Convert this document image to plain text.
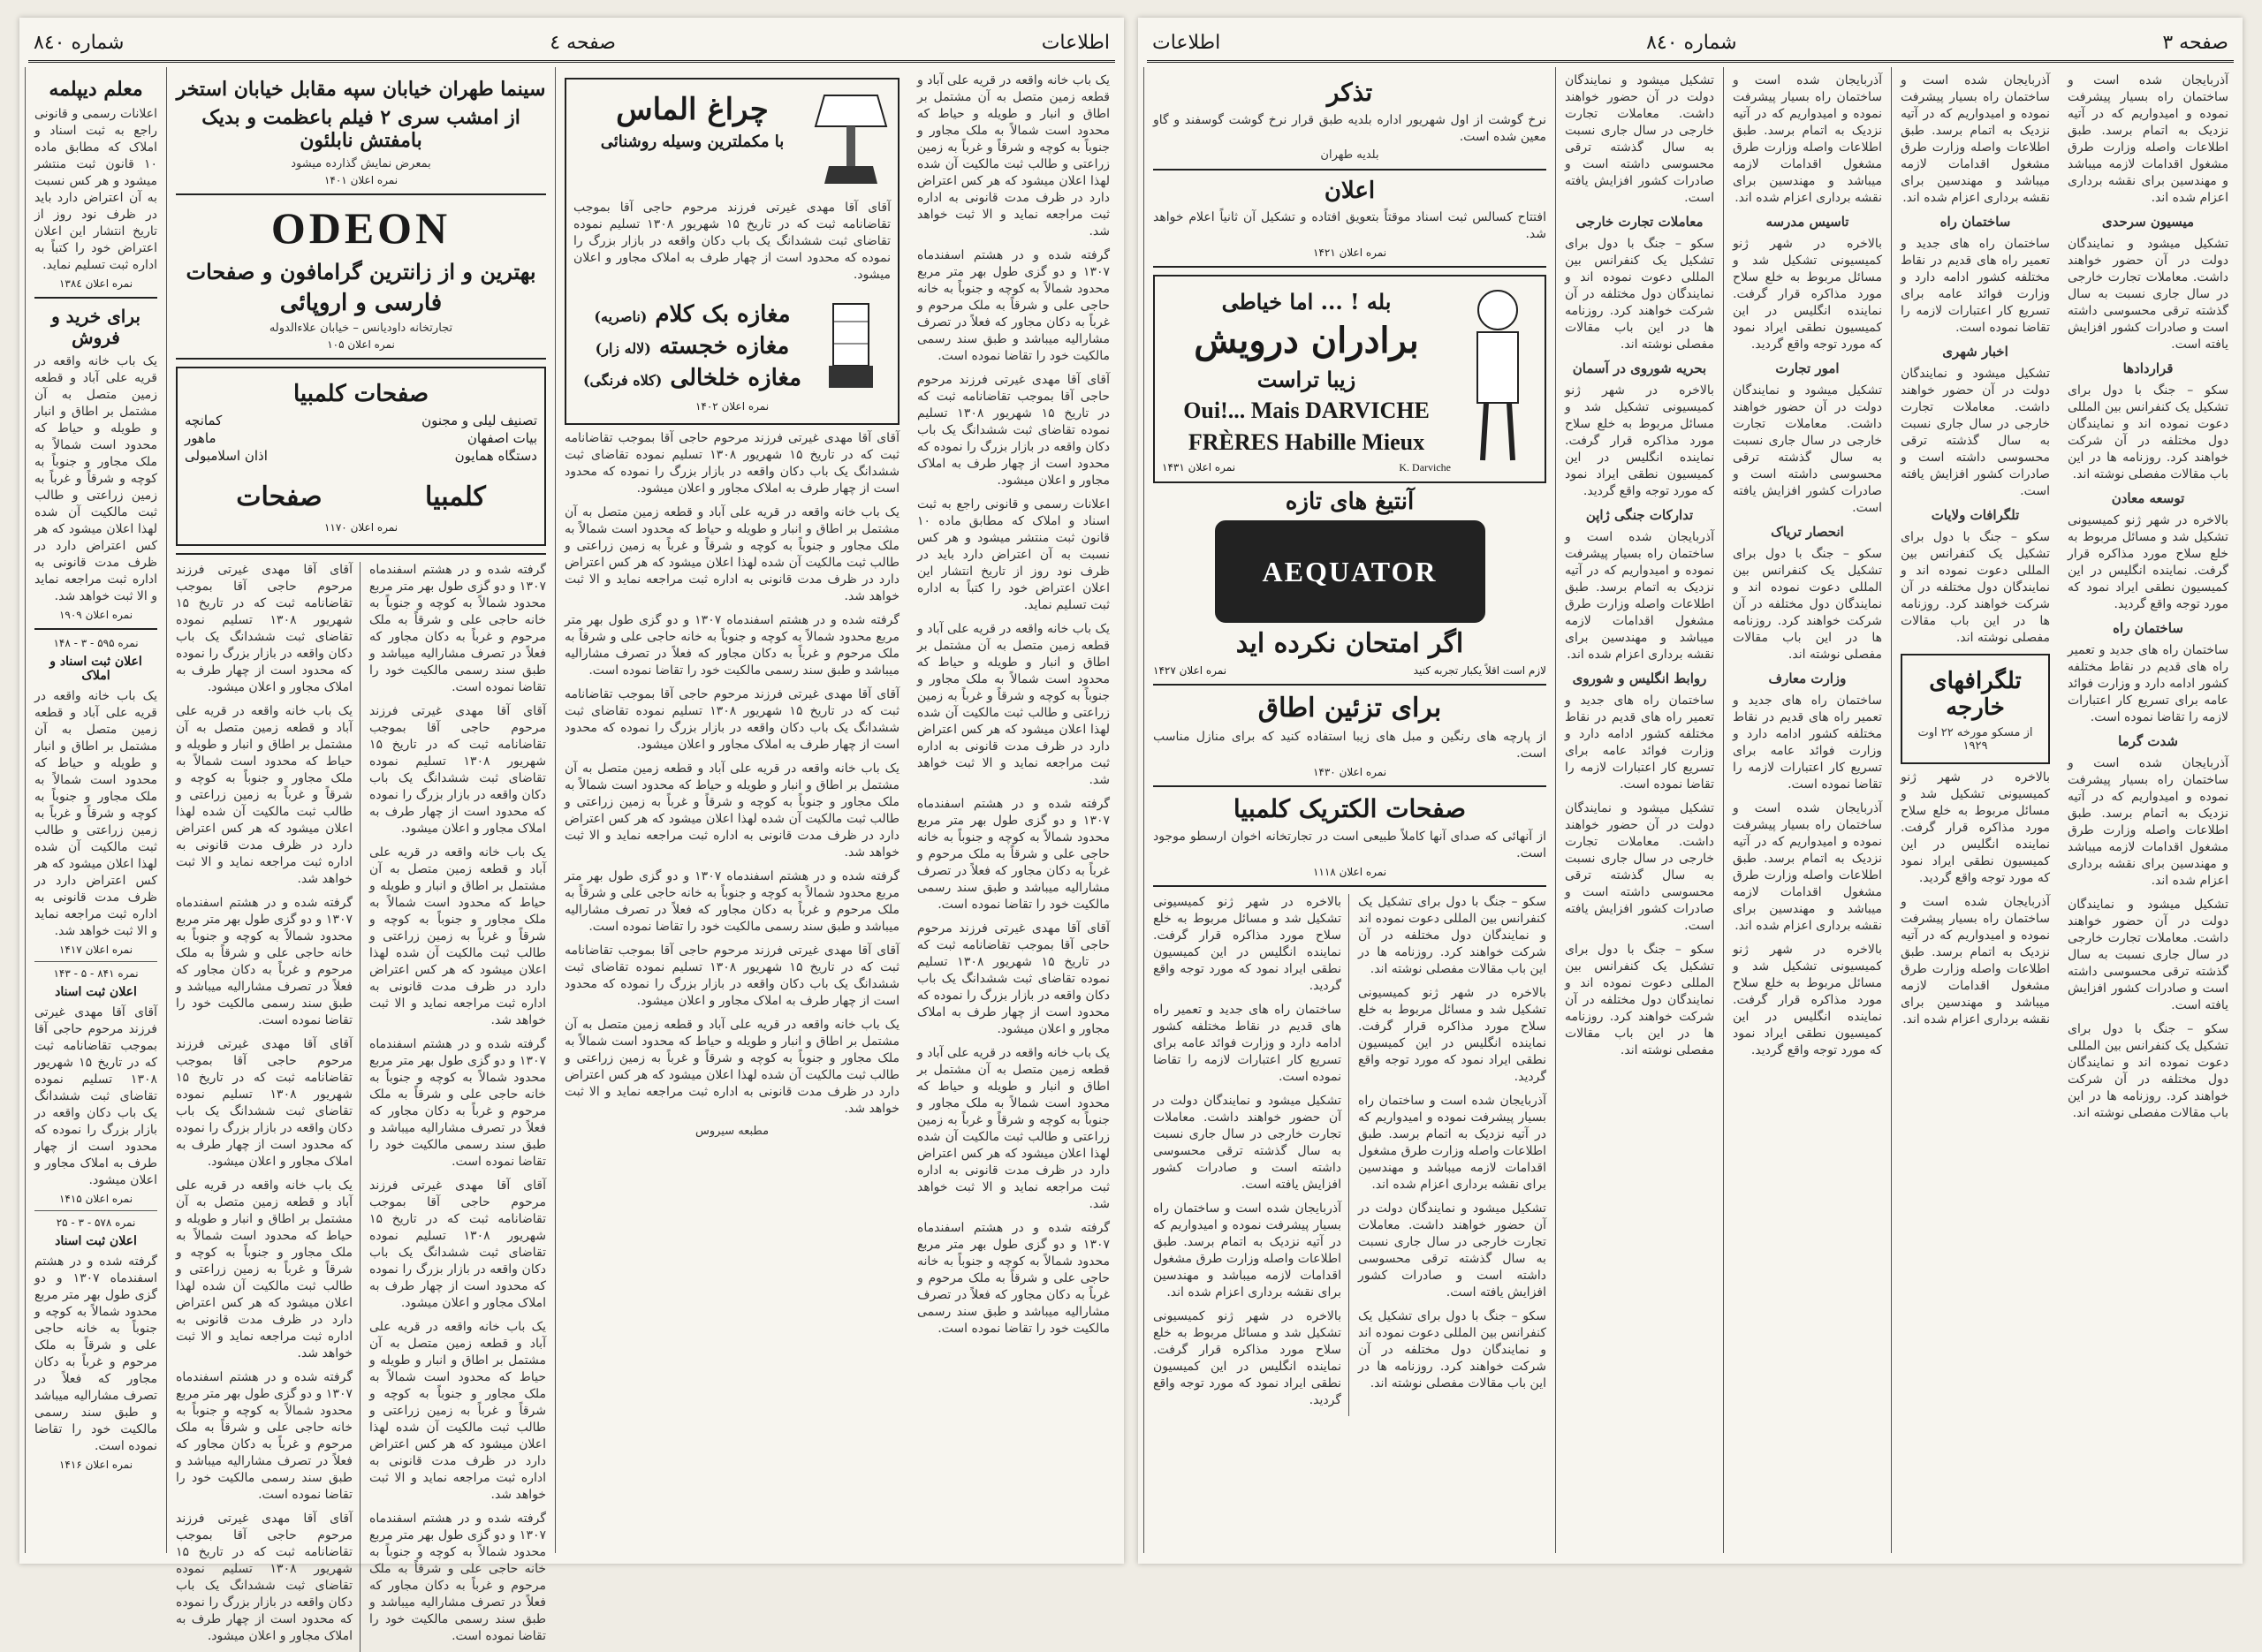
شماره ۸٤۰	صفحه ٤	اطلاعات
معلم دیپلمه
اعلانات رسمی و قانونی راجع به ثبت اسناد و املاک که مطابق ماده ۱۰ قانون ثبت منتشر میشود و هر کس نسبت به آن اعتراض دارد باید در ظرف نود روز از تاریخ انتشار این اعلان اعتراض خود را کتباً به اداره ثبت تسلیم نماید.
نمره اعلان ۱۳۸٤
برای خرید و فروش
یک باب خانه واقعه در قریه علی آباد و قطعه زمین متصل به آن مشتمل بر اطاق و انبار و طویله و حیاط که محدود است شمالاً به ملک مجاور و جنوباً به کوچه و شرقاً و غرباً به زمین زراعتی و طالب ثبت مالکیت آن شده لهذا اعلان میشود که هر کس اعتراض دارد در ظرف مدت قانونی به اداره ثبت مراجعه نماید و الا ثبت خواهد شد.
نمره اعلان ۱۹۰۹
نمره ۵۹۵ - ۳ - ۱۴۸
اعلان ثبت اسناد و املاک
یک باب خانه واقعه در قریه علی آباد و قطعه زمین متصل به آن مشتمل بر اطاق و انبار و طویله و حیاط که محدود است شمالاً به ملک مجاور و جنوباً به کوچه و شرقاً و غرباً به زمین زراعتی و طالب ثبت مالکیت آن شده لهذا اعلان میشود که هر کس اعتراض دارد در ظرف مدت قانونی به اداره ثبت مراجعه نماید و الا ثبت خواهد شد.
نمره اعلان ۱۴۱۷
نمره ۸۴۱ - ۵ - ۱۴۳
اعلان ثبت اسناد
آقای آقا مهدی غیرتی فرزند مرحوم حاجی آقا بموجب تقاضانامه ثبت که در تاریخ ۱۵ شهریور ۱۳۰۸ تسلیم نموده تقاضای ثبت ششدانگ یک باب دکان واقعه در بازار بزرگ را نموده که محدود است از چهار طرف به املاک مجاور و اعلان میشود.
نمره اعلان ۱۴۱۵
نمره ۵۷۸ - ۳ - ۲۵
اعلان ثبت اسناد
گرفته شده و در هشتم اسفندماه ۱۳۰۷ و دو گزی طول بهر متر مربع محدود شمالاً به کوچه و جنوباً به خانه حاجی علی و شرقاً به ملک مرحوم و غرباً به دکان مجاور که فعلاً در تصرف مشارالیه میباشد و طبق سند رسمی مالکیت خود را تقاضا نموده است.
نمره اعلان ۱۴۱۶
سینما طهران خیابان سپه مقابل خیابان استخر
از امشب سری ۲ فیلم باعظمت و بدیک بامفتش نابلئون
بمعرض نمایش گذارده میشود
نمره اعلان ۱۴۰۱
ODEON
بهترین و از زانترین گرامافون و صفحات
فارسی و اروپائی
تجارتخانه داودیانس – خیابان علاءالدوله
نمره اعلان ۱۰۵
صفحات کلمبیا
تصنیف لیلی و مجنون
کمانچه
بیات اصفهان
ماهور
دستگاه همایون
اذان اسلامبولی
کلمبیا
صفحات
نمره اعلان ۱۱۷۰

گرفته شده و در هشتم اسفندماه ۱۳۰۷ و دو گزی طول بهر متر مربع محدود شمالاً به کوچه و جنوباً به خانه حاجی علی و شرقاً به ملک مرحوم و غرباً به دکان مجاور که فعلاً در تصرف مشارالیه میباشد و طبق سند رسمی مالکیت خود را تقاضا نموده است.

آقای آقا مهدی غیرتی فرزند مرحوم حاجی آقا بموجب تقاضانامه ثبت که در تاریخ ۱۵ شهریور ۱۳۰۸ تسلیم نموده تقاضای ثبت ششدانگ یک باب دکان واقعه در بازار بزرگ را نموده که محدود است از چهار طرف به املاک مجاور و اعلان میشود.

یک باب خانه واقعه در قریه علی آباد و قطعه زمین متصل به آن مشتمل بر اطاق و انبار و طویله و حیاط که محدود است شمالاً به ملک مجاور و جنوباً به کوچه و شرقاً و غرباً به زمین زراعتی و طالب ثبت مالکیت آن شده لهذا اعلان میشود که هر کس اعتراض دارد در ظرف مدت قانونی به اداره ثبت مراجعه نماید و الا ثبت خواهد شد.

گرفته شده و در هشتم اسفندماه ۱۳۰۷ و دو گزی طول بهر متر مربع محدود شمالاً به کوچه و جنوباً به خانه حاجی علی و شرقاً به ملک مرحوم و غرباً به دکان مجاور که فعلاً در تصرف مشارالیه میباشد و طبق سند رسمی مالکیت خود را تقاضا نموده است.

آقای آقا مهدی غیرتی فرزند مرحوم حاجی آقا بموجب تقاضانامه ثبت که در تاریخ ۱۵ شهریور ۱۳۰۸ تسلیم نموده تقاضای ثبت ششدانگ یک باب دکان واقعه در بازار بزرگ را نموده که محدود است از چهار طرف به املاک مجاور و اعلان میشود.

یک باب خانه واقعه در قریه علی آباد و قطعه زمین متصل به آن مشتمل بر اطاق و انبار و طویله و حیاط که محدود است شمالاً به ملک مجاور و جنوباً به کوچه و شرقاً و غرباً به زمین زراعتی و طالب ثبت مالکیت آن شده لهذا اعلان میشود که هر کس اعتراض دارد در ظرف مدت قانونی به اداره ثبت مراجعه نماید و الا ثبت خواهد شد.

گرفته شده و در هشتم اسفندماه ۱۳۰۷ و دو گزی طول بهر متر مربع محدود شمالاً به کوچه و جنوباً به خانه حاجی علی و شرقاً به ملک مرحوم و غرباً به دکان مجاور که فعلاً در تصرف مشارالیه میباشد و طبق سند رسمی مالکیت خود را تقاضا نموده است.

آقای آقا مهدی غیرتی فرزند مرحوم حاجی آقا بموجب تقاضانامه ثبت که در تاریخ ۱۵ شهریور ۱۳۰۸ تسلیم نموده تقاضای ثبت ششدانگ یک باب دکان واقعه در بازار بزرگ را نموده که محدود است از چهار طرف به املاک مجاور و اعلان میشود.

یک باب خانه واقعه در قریه علی آباد و قطعه زمین متصل به آن مشتمل بر اطاق و انبار و طویله و حیاط که محدود است شمالاً به ملک مجاور و جنوباً به کوچه و شرقاً و غرباً به زمین زراعتی و طالب ثبت مالکیت آن شده لهذا اعلان میشود که هر کس اعتراض دارد در ظرف مدت قانونی به اداره ثبت مراجعه نماید و الا ثبت خواهد شد.

گرفته شده و در هشتم اسفندماه ۱۳۰۷ و دو گزی طول بهر متر مربع محدود شمالاً به کوچه و جنوباً به خانه حاجی علی و شرقاً به ملک مرحوم و غرباً به دکان مجاور که فعلاً در تصرف مشارالیه میباشد و طبق سند رسمی مالکیت خود را تقاضا نموده است.

آقای آقا مهدی غیرتی فرزند مرحوم حاجی آقا بموجب تقاضانامه ثبت که در تاریخ ۱۵ شهریور ۱۳۰۸ تسلیم نموده تقاضای ثبت ششدانگ یک باب دکان واقعه در بازار بزرگ را نموده که محدود است از چهار طرف به املاک مجاور و اعلان میشود.

یک باب خانه واقعه در قریه علی آباد و قطعه زمین متصل به آن مشتمل بر اطاق و انبار و طویله و حیاط که محدود است شمالاً به ملک مجاور و جنوباً به کوچه و شرقاً و غرباً به زمین زراعتی و طالب ثبت مالکیت آن شده لهذا اعلان میشود که هر کس اعتراض دارد در ظرف مدت قانونی به اداره ثبت مراجعه نماید و الا ثبت خواهد شد.

گرفته شده و در هشتم اسفندماه ۱۳۰۷ و دو گزی طول بهر متر مربع محدود شمالاً به کوچه و جنوباً به خانه حاجی علی و شرقاً به ملک مرحوم و غرباً به دکان مجاور که فعلاً در تصرف مشارالیه میباشد و طبق سند رسمی مالکیت خود را تقاضا نموده است.

آقای آقا مهدی غیرتی فرزند مرحوم حاجی آقا بموجب تقاضانامه ثبت که در تاریخ ۱۵ شهریور ۱۳۰۸ تسلیم نموده تقاضای ثبت ششدانگ یک باب دکان واقعه در بازار بزرگ را نموده که محدود است از چهار طرف به املاک مجاور و اعلان میشود.

چراغ الماس
با مکملترین وسیله روشنائی
آقای آقا مهدی غیرتی فرزند مرحوم حاجی آقا بموجب تقاضانامه ثبت که در تاریخ ۱۵ شهریور ۱۳۰۸ تسلیم نموده تقاضای ثبت ششدانگ یک باب دکان واقعه در بازار بزرگ را نموده که محدود است از چهار طرف به املاک مجاور و اعلان میشود.
مغازه بک کلام (ناصریه)
مغازه خجسته (لاله زار)
مغازه خلخالی (کلاه فرنگی)
نمره اعلان ۱۴۰۲

آقای آقا مهدی غیرتی فرزند مرحوم حاجی آقا بموجب تقاضانامه ثبت که در تاریخ ۱۵ شهریور ۱۳۰۸ تسلیم نموده تقاضای ثبت ششدانگ یک باب دکان واقعه در بازار بزرگ را نموده که محدود است از چهار طرف به املاک مجاور و اعلان میشود.

یک باب خانه واقعه در قریه علی آباد و قطعه زمین متصل به آن مشتمل بر اطاق و انبار و طویله و حیاط که محدود است شمالاً به ملک مجاور و جنوباً به کوچه و شرقاً و غرباً به زمین زراعتی و طالب ثبت مالکیت آن شده لهذا اعلان میشود که هر کس اعتراض دارد در ظرف مدت قانونی به اداره ثبت مراجعه نماید و الا ثبت خواهد شد.

گرفته شده و در هشتم اسفندماه ۱۳۰۷ و دو گزی طول بهر متر مربع محدود شمالاً به کوچه و جنوباً به خانه حاجی علی و شرقاً به ملک مرحوم و غرباً به دکان مجاور که فعلاً در تصرف مشارالیه میباشد و طبق سند رسمی مالکیت خود را تقاضا نموده است.

آقای آقا مهدی غیرتی فرزند مرحوم حاجی آقا بموجب تقاضانامه ثبت که در تاریخ ۱۵ شهریور ۱۳۰۸ تسلیم نموده تقاضای ثبت ششدانگ یک باب دکان واقعه در بازار بزرگ را نموده که محدود است از چهار طرف به املاک مجاور و اعلان میشود.

یک باب خانه واقعه در قریه علی آباد و قطعه زمین متصل به آن مشتمل بر اطاق و انبار و طویله و حیاط که محدود است شمالاً به ملک مجاور و جنوباً به کوچه و شرقاً و غرباً به زمین زراعتی و طالب ثبت مالکیت آن شده لهذا اعلان میشود که هر کس اعتراض دارد در ظرف مدت قانونی به اداره ثبت مراجعه نماید و الا ثبت خواهد شد.

گرفته شده و در هشتم اسفندماه ۱۳۰۷ و دو گزی طول بهر متر مربع محدود شمالاً به کوچه و جنوباً به خانه حاجی علی و شرقاً به ملک مرحوم و غرباً به دکان مجاور که فعلاً در تصرف مشارالیه میباشد و طبق سند رسمی مالکیت خود را تقاضا نموده است.

آقای آقا مهدی غیرتی فرزند مرحوم حاجی آقا بموجب تقاضانامه ثبت که در تاریخ ۱۵ شهریور ۱۳۰۸ تسلیم نموده تقاضای ثبت ششدانگ یک باب دکان واقعه در بازار بزرگ را نموده که محدود است از چهار طرف به املاک مجاور و اعلان میشود.

یک باب خانه واقعه در قریه علی آباد و قطعه زمین متصل به آن مشتمل بر اطاق و انبار و طویله و حیاط که محدود است شمالاً به ملک مجاور و جنوباً به کوچه و شرقاً و غرباً به زمین زراعتی و طالب ثبت مالکیت آن شده لهذا اعلان میشود که هر کس اعتراض دارد در ظرف مدت قانونی به اداره ثبت مراجعه نماید و الا ثبت خواهد شد.

مطبعه سیروس

یک باب خانه واقعه در قریه علی آباد و قطعه زمین متصل به آن مشتمل بر اطاق و انبار و طویله و حیاط که محدود است شمالاً به ملک مجاور و جنوباً به کوچه و شرقاً و غرباً به زمین زراعتی و طالب ثبت مالکیت آن شده لهذا اعلان میشود که هر کس اعتراض دارد در ظرف مدت قانونی به اداره ثبت مراجعه نماید و الا ثبت خواهد شد.

گرفته شده و در هشتم اسفندماه ۱۳۰۷ و دو گزی طول بهر متر مربع محدود شمالاً به کوچه و جنوباً به خانه حاجی علی و شرقاً به ملک مرحوم و غرباً به دکان مجاور که فعلاً در تصرف مشارالیه میباشد و طبق سند رسمی مالکیت خود را تقاضا نموده است.

آقای آقا مهدی غیرتی فرزند مرحوم حاجی آقا بموجب تقاضانامه ثبت که در تاریخ ۱۵ شهریور ۱۳۰۸ تسلیم نموده تقاضای ثبت ششدانگ یک باب دکان واقعه در بازار بزرگ را نموده که محدود است از چهار طرف به املاک مجاور و اعلان میشود.

اعلانات رسمی و قانونی راجع به ثبت اسناد و املاک که مطابق ماده ۱۰ قانون ثبت منتشر میشود و هر کس نسبت به آن اعتراض دارد باید در ظرف نود روز از تاریخ انتشار این اعلان اعتراض خود را کتباً به اداره ثبت تسلیم نماید.

یک باب خانه واقعه در قریه علی آباد و قطعه زمین متصل به آن مشتمل بر اطاق و انبار و طویله و حیاط که محدود است شمالاً به ملک مجاور و جنوباً به کوچه و شرقاً و غرباً به زمین زراعتی و طالب ثبت مالکیت آن شده لهذا اعلان میشود که هر کس اعتراض دارد در ظرف مدت قانونی به اداره ثبت مراجعه نماید و الا ثبت خواهد شد.

گرفته شده و در هشتم اسفندماه ۱۳۰۷ و دو گزی طول بهر متر مربع محدود شمالاً به کوچه و جنوباً به خانه حاجی علی و شرقاً به ملک مرحوم و غرباً به دکان مجاور که فعلاً در تصرف مشارالیه میباشد و طبق سند رسمی مالکیت خود را تقاضا نموده است.

آقای آقا مهدی غیرتی فرزند مرحوم حاجی آقا بموجب تقاضانامه ثبت که در تاریخ ۱۵ شهریور ۱۳۰۸ تسلیم نموده تقاضای ثبت ششدانگ یک باب دکان واقعه در بازار بزرگ را نموده که محدود است از چهار طرف به املاک مجاور و اعلان میشود.

یک باب خانه واقعه در قریه علی آباد و قطعه زمین متصل به آن مشتمل بر اطاق و انبار و طویله و حیاط که محدود است شمالاً به ملک مجاور و جنوباً به کوچه و شرقاً و غرباً به زمین زراعتی و طالب ثبت مالکیت آن شده لهذا اعلان میشود که هر کس اعتراض دارد در ظرف مدت قانونی به اداره ثبت مراجعه نماید و الا ثبت خواهد شد.

گرفته شده و در هشتم اسفندماه ۱۳۰۷ و دو گزی طول بهر متر مربع محدود شمالاً به کوچه و جنوباً به خانه حاجی علی و شرقاً به ملک مرحوم و غرباً به دکان مجاور که فعلاً در تصرف مشارالیه میباشد و طبق سند رسمی مالکیت خود را تقاضا نموده است.

اطلاعات	شماره ۸٤۰	صفحه ۳
تذکر
نرخ گوشت از اول شهریور اداره بلدیه طبق قرار نرخ گوشت گوسفند و گاو معین شده است.
بلدیه طهران
اعلان
افتتاح کسالس ثبت اسناد موقتاً بتعویق افتاده و تشکیل آن ثانیاً اعلام خواهد شد.
نمره اعلان ۱۴۲۱
بله ! ... اما خیاطی
برادران درویش
زیبا تراست
Oui!... Mais DARVICHE
FRÈRES Habille Mieux
K. Darviche
نمره اعلان ۱۴۳۱
آنتیغ های تازه
AEQUATOR
اگر امتحان نکرده اید
لازم است اقلاً یکبار تجربه کنید
نمره اعلان ۱۴۲۷
برای تزئین اطاق
از پارچه های رنگین و مبل های زیبا استفاده کنید که برای منازل مناسب است.
نمره اعلان ۱۴۳۰
صفحات الکتریک کلمبیا
از آنهائی که صدای آنها کاملاً طبیعی است در تجارتخانه اخوان ارسطو موجود است.
نمره اعلان ۱۱۱۸

سکو – جنگ با دول برای تشکیل یک کنفرانس بین المللی دعوت نموده اند و نمایندگان دول مختلفه در آن شرکت خواهند کرد. روزنامه ها در این باب مقالات مفصلی نوشته اند.

بالاخره در شهر ژنو کمیسیونی تشکیل شد و مسائل مربوط به خلع سلاح مورد مذاکره قرار گرفت. نماینده انگلیس در این کمیسیون نطقی ایراد نمود که مورد توجه واقع گردید.

آذربایجان شده است و ساختمان راه بسیار پیشرفت نموده و امیدواریم که در آتیه نزدیک به اتمام برسد. طبق اطلاعات واصله وزارت طرق مشغول اقدامات لازمه میباشد و مهندسین برای نقشه برداری اعزام شده اند.

تشکیل میشود و نمایندگان دولت در آن حضور خواهند داشت. معاملات تجارت خارجی در سال جاری نسبت به سال گذشته ترقی محسوسی داشته است و صادرات کشور افزایش یافته است.

سکو – جنگ با دول برای تشکیل یک کنفرانس بین المللی دعوت نموده اند و نمایندگان دول مختلفه در آن شرکت خواهند کرد. روزنامه ها در این باب مقالات مفصلی نوشته اند.

بالاخره در شهر ژنو کمیسیونی تشکیل شد و مسائل مربوط به خلع سلاح مورد مذاکره قرار گرفت. نماینده انگلیس در این کمیسیون نطقی ایراد نمود که مورد توجه واقع گردید.

ساختمان راه های جدید و تعمیر راه های قدیم در نقاط مختلفه کشور ادامه دارد و وزارت فوائد عامه برای تسریع کار اعتبارات لازمه را تقاضا نموده است.

تشکیل میشود و نمایندگان دولت در آن حضور خواهند داشت. معاملات تجارت خارجی در سال جاری نسبت به سال گذشته ترقی محسوسی داشته است و صادرات کشور افزایش یافته است.

آذربایجان شده است و ساختمان راه بسیار پیشرفت نموده و امیدواریم که در آتیه نزدیک به اتمام برسد. طبق اطلاعات واصله وزارت طرق مشغول اقدامات لازمه میباشد و مهندسین برای نقشه برداری اعزام شده اند.

بالاخره در شهر ژنو کمیسیونی تشکیل شد و مسائل مربوط به خلع سلاح مورد مذاکره قرار گرفت. نماینده انگلیس در این کمیسیون نطقی ایراد نمود که مورد توجه واقع گردید.

تشکیل میشود و نمایندگان دولت در آن حضور خواهند داشت. معاملات تجارت خارجی در سال جاری نسبت به سال گذشته ترقی محسوسی داشته است و صادرات کشور افزایش یافته است.

معاملات تجارت خارجی

سکو – جنگ با دول برای تشکیل یک کنفرانس بین المللی دعوت نموده اند و نمایندگان دول مختلفه در آن شرکت خواهند کرد. روزنامه ها در این باب مقالات مفصلی نوشته اند.

بحریه شوروی در آسمان

بالاخره در شهر ژنو کمیسیونی تشکیل شد و مسائل مربوط به خلع سلاح مورد مذاکره قرار گرفت. نماینده انگلیس در این کمیسیون نطقی ایراد نمود که مورد توجه واقع گردید.

تدارکات جنگی ژاپن

آذربایجان شده است و ساختمان راه بسیار پیشرفت نموده و امیدواریم که در آتیه نزدیک به اتمام برسد. طبق اطلاعات واصله وزارت طرق مشغول اقدامات لازمه میباشد و مهندسین برای نقشه برداری اعزام شده اند.

روابط انگلیس و شوروی

ساختمان راه های جدید و تعمیر راه های قدیم در نقاط مختلفه کشور ادامه دارد و وزارت فوائد عامه برای تسریع کار اعتبارات لازمه را تقاضا نموده است.

تشکیل میشود و نمایندگان دولت در آن حضور خواهند داشت. معاملات تجارت خارجی در سال جاری نسبت به سال گذشته ترقی محسوسی داشته است و صادرات کشور افزایش یافته است.

سکو – جنگ با دول برای تشکیل یک کنفرانس بین المللی دعوت نموده اند و نمایندگان دول مختلفه در آن شرکت خواهند کرد. روزنامه ها در این باب مقالات مفصلی نوشته اند.

آذربایجان شده است و ساختمان راه بسیار پیشرفت نموده و امیدواریم که در آتیه نزدیک به اتمام برسد. طبق اطلاعات واصله وزارت طرق مشغول اقدامات لازمه میباشد و مهندسین برای نقشه برداری اعزام شده اند.

تاسیس مدرسه

بالاخره در شهر ژنو کمیسیونی تشکیل شد و مسائل مربوط به خلع سلاح مورد مذاکره قرار گرفت. نماینده انگلیس در این کمیسیون نطقی ایراد نمود که مورد توجه واقع گردید.

امور تجارت

تشکیل میشود و نمایندگان دولت در آن حضور خواهند داشت. معاملات تجارت خارجی در سال جاری نسبت به سال گذشته ترقی محسوسی داشته است و صادرات کشور افزایش یافته است.

انحصار تریاک

سکو – جنگ با دول برای تشکیل یک کنفرانس بین المللی دعوت نموده اند و نمایندگان دول مختلفه در آن شرکت خواهند کرد. روزنامه ها در این باب مقالات مفصلی نوشته اند.

وزارت معارف

ساختمان راه های جدید و تعمیر راه های قدیم در نقاط مختلفه کشور ادامه دارد و وزارت فوائد عامه برای تسریع کار اعتبارات لازمه را تقاضا نموده است.

آذربایجان شده است و ساختمان راه بسیار پیشرفت نموده و امیدواریم که در آتیه نزدیک به اتمام برسد. طبق اطلاعات واصله وزارت طرق مشغول اقدامات لازمه میباشد و مهندسین برای نقشه برداری اعزام شده اند.

بالاخره در شهر ژنو کمیسیونی تشکیل شد و مسائل مربوط به خلع سلاح مورد مذاکره قرار گرفت. نماینده انگلیس در این کمیسیون نطقی ایراد نمود که مورد توجه واقع گردید.

آذربایجان شده است و ساختمان راه بسیار پیشرفت نموده و امیدواریم که در آتیه نزدیک به اتمام برسد. طبق اطلاعات واصله وزارت طرق مشغول اقدامات لازمه میباشد و مهندسین برای نقشه برداری اعزام شده اند.

ساختمان راه

ساختمان راه های جدید و تعمیر راه های قدیم در نقاط مختلفه کشور ادامه دارد و وزارت فوائد عامه برای تسریع کار اعتبارات لازمه را تقاضا نموده است.

اخبار شهری

تشکیل میشود و نمایندگان دولت در آن حضور خواهند داشت. معاملات تجارت خارجی در سال جاری نسبت به سال گذشته ترقی محسوسی داشته است و صادرات کشور افزایش یافته است.

تلگرافات ولایات

سکو – جنگ با دول برای تشکیل یک کنفرانس بین المللی دعوت نموده اند و نمایندگان دول مختلفه در آن شرکت خواهند کرد. روزنامه ها در این باب مقالات مفصلی نوشته اند.

تلگرافهای خارجه
از مسکو مورخه ۲۲ اوت ۱۹۲۹

بالاخره در شهر ژنو کمیسیونی تشکیل شد و مسائل مربوط به خلع سلاح مورد مذاکره قرار گرفت. نماینده انگلیس در این کمیسیون نطقی ایراد نمود که مورد توجه واقع گردید.

آذربایجان شده است و ساختمان راه بسیار پیشرفت نموده و امیدواریم که در آتیه نزدیک به اتمام برسد. طبق اطلاعات واصله وزارت طرق مشغول اقدامات لازمه میباشد و مهندسین برای نقشه برداری اعزام شده اند.

آذربایجان شده است و ساختمان راه بسیار پیشرفت نموده و امیدواریم که در آتیه نزدیک به اتمام برسد. طبق اطلاعات واصله وزارت طرق مشغول اقدامات لازمه میباشد و مهندسین برای نقشه برداری اعزام شده اند.

میسیون سرحدی

تشکیل میشود و نمایندگان دولت در آن حضور خواهند داشت. معاملات تجارت خارجی در سال جاری نسبت به سال گذشته ترقی محسوسی داشته است و صادرات کشور افزایش یافته است.

قراردادها

سکو – جنگ با دول برای تشکیل یک کنفرانس بین المللی دعوت نموده اند و نمایندگان دول مختلفه در آن شرکت خواهند کرد. روزنامه ها در این باب مقالات مفصلی نوشته اند.

توسعه معادن

بالاخره در شهر ژنو کمیسیونی تشکیل شد و مسائل مربوط به خلع سلاح مورد مذاکره قرار گرفت. نماینده انگلیس در این کمیسیون نطقی ایراد نمود که مورد توجه واقع گردید.

ساختمان راه

ساختمان راه های جدید و تعمیر راه های قدیم در نقاط مختلفه کشور ادامه دارد و وزارت فوائد عامه برای تسریع کار اعتبارات لازمه را تقاضا نموده است.

شدت گرما

آذربایجان شده است و ساختمان راه بسیار پیشرفت نموده و امیدواریم که در آتیه نزدیک به اتمام برسد. طبق اطلاعات واصله وزارت طرق مشغول اقدامات لازمه میباشد و مهندسین برای نقشه برداری اعزام شده اند.

تشکیل میشود و نمایندگان دولت در آن حضور خواهند داشت. معاملات تجارت خارجی در سال جاری نسبت به سال گذشته ترقی محسوسی داشته است و صادرات کشور افزایش یافته است.

سکو – جنگ با دول برای تشکیل یک کنفرانس بین المللی دعوت نموده اند و نمایندگان دول مختلفه در آن شرکت خواهند کرد. روزنامه ها در این باب مقالات مفصلی نوشته اند.
